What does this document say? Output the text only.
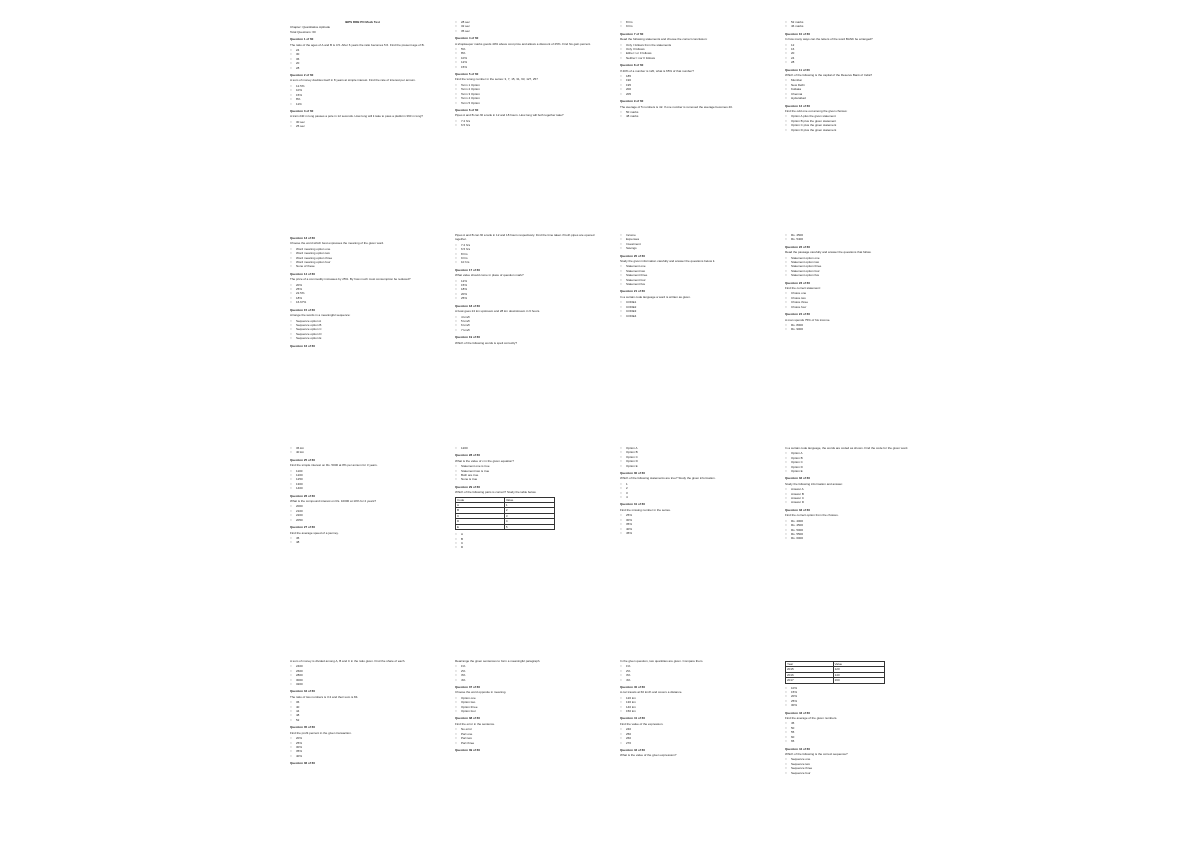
IBPS RRB PO Mock Test
Chapter: Quantitative Aptitude
Total Questions: 60
Question 1 of 60
The ratio of the ages of A and B is 4:5. After 6 years the ratio becomes 5:6. Find the present age of B.
○ 24
○ 30
○ 36
○ 20
○ 28
Question 2 of 60
A sum of money doubles itself in 8 years at simple interest. Find the rate of interest per annum.
○ 12.5%
○ 10%
○ 15%
○ 8%
○ 11%
Question 3 of 60
A train 240 m long passes a pole in 12 seconds. How long will it take to pass a platform 360 m long?
○ 30 sec
○ 25 sec
○ 28 sec
○ 32 sec
○ 35 sec
Question 4 of 60
A shopkeeper marks goods 40% above cost price and allows a discount of 25%. Find his gain percent.
○ 5%
○ 8%
○ 10%
○ 12%
○ 15%
Question 5 of 60
Find the wrong number in the series: 3, 7, 15, 31, 63, 127, 257
○ Term 1 Option
○ Term 2 Option
○ Term 3 Option
○ Term 4 Option
○ Term 5 Option
Question 6 of 60
Pipes A and B can fill a tank in 12 and 18 hours. How long will both together take?
○ 7.2 hrs
○ 6.5 hrs
○ 8 hrs
○ 9 hrs
Question 7 of 60
Read the following statements and choose the correct conclusion:
○ Only I follows from the statements
○ Only II follows
○ Either I or II follows
○ Neither I nor II follows
Question 8 of 60
If 40% of a number is 120, what is 65% of that number?
○ 185
○ 190
○ 195
○ 200
○ 205
Question 9 of 60
The average of 5 numbers is 42. If one number is removed the average becomes 40.
○ 50 marks
○ 48 marks
○ 52 marks
○ 46 marks
Question 10 of 60
In how many ways can the letters of the word BANK be arranged?
○ 12
○ 16
○ 20
○ 24
○ 28
Question 11 of 60
Which of the following is the capital of the Reserve Bank of India?
○ Mumbai
○ New Delhi
○ Kolkata
○ Chennai
○ Hyderabad
Question 12 of 60
Find the odd one out among the given choices:
○ Option A plus the given statement
○ Option B plus the given statement
○ Option C plus the given statement
○ Option D plus the given statement
Question 13 of 60
Choose the word which best expresses the meaning of the given word.
○ Word meaning option one
○ Word meaning option two
○ Word meaning option three
○ Word meaning option four
○ None of these
Question 14 of 60
The price of a commodity increases by 25%. By how much must consumption be reduced?
○ 20%
○ 25%
○ 22.5%
○ 18%
○ 16.67%
Question 15 of 60
Arrange the words in a meaningful sequence:
○ Sequence option A
○ Sequence option B
○ Sequence option C
○ Sequence option D
○ Sequence option E
Question 16 of 60
Pipes A and B can fill a tank in 12 and 18 hours respectively. Find the time taken if both pipes are opened together.
○ 7.2 hrs
○ 6.5 hrs
○ 8 hrs
○ 9 hrs
○ 10 hrs
Question 17 of 60
What value should come in place of question mark?
○ 12%
○ 15%
○ 18%
○ 20%
○ 25%
Question 18 of 60
A boat goes 24 km upstream and 28 km downstream in 6 hours.
○ 4 km/h
○ 5 km/h
○ 6 km/h
○ 7 km/h
Question 19 of 60
Which of the following words is spelt correctly?
○ Income
○ Expenses
○ Investment
○ Savings
Question 20 of 60
Study the given information carefully and answer the questions below it.
○ Statement one
○ Statement two
○ Statement three
○ Statement four
○ Statement five
Question 21 of 60
In a certain code language a word is written as given.
○ CODE1
○ CODE2
○ CODE3
○ CODE4
○ Rs. 4500
○ Rs. 5400
Question 22 of 60
Read the passage carefully and answer the questions that follow.
○ Statement option one
○ Statement option two
○ Statement option three
○ Statement option four
○ Statement option five
Question 23 of 60
Find the correct statement:
○ Choice one
○ Choice two
○ Choice three
○ Choice four
Question 24 of 60
A man spends 75% of his income.
○ Rs. 8000
○ Rs. 9000
○ 36 km
○ 40 km
Question 25 of 60
Find the simple interest on Rs. 5000 at 8% per annum for 3 years.
○ 1100
○ 1200
○ 1250
○ 1300
○ 1400
Question 26 of 60
What is the compound interest on Rs. 10000 at 10% for 2 years?
○ 2000
○ 2100
○ 2200
○ 2050
Question 27 of 60
Find the average speed of a journey.
○ 45
○ 48
○ 1200
Question 28 of 60
What is the value of x in the given equation?
○ Statement one is true
○ Statement two is true
○ Both are true
○ None is true
Question 29 of 60
Which of the following pairs is correct? Study the table below.
Code	Value
A	1
B	2
C	3
D	4
E	5
○ A
○ B
○ C
○ D
○ Option A
○ Option B
○ Option C
○ Option D
○ Option E
Question 30 of 60
Which of the following statements are true? Study the given information.
○ 1
○ 2
○ 3
○ 4
Question 31 of 60
Find the missing number in the series.
○ 25%
○ 30%
○ 35%
○ 40%
○ 45%
In a certain code language, the words are coded as shown. Find the code for the given word.
○ Option A
○ Option B
○ Option C
○ Option D
○ Option E
Question 32 of 60
Study the following information and answer.
○ Answer A
○ Answer B
○ Answer C
○ Answer D
Question 33 of 60
Find the correct option from the choices.
○ Rs. 4000
○ Rs. 4500
○ Rs. 5000
○ Rs. 5500
○ Rs. 6000
A sum of money is divided among A, B and C in the ratio given. Find the share of each.
○ 2400
○ 2600
○ 2800
○ 3000
○ 3200
Question 34 of 60
The ratio of two numbers is 3:4 and their sum is 84.
○ 36
○ 40
○ 44
○ 48
○ 52
Question 35 of 60
Find the profit percent in the given transaction.
○ 20%
○ 25%
○ 30%
○ 35%
○ 40%
Question 36 of 60
Rearrange the given sentences to form a meaningful paragraph.
○ 1%
○ 2%
○ 3%
○ 4%
Question 37 of 60
Choose the word opposite in meaning.
○ Option one
○ Option two
○ Option three
○ Option four
Question 38 of 60
Find the error in the sentence.
○ No error
○ Part one
○ Part two
○ Part three
Question 39 of 60
In the given question, two quantities are given. Compare them.
○ 1%
○ 2%
○ 3%
○ 4%
Question 40 of 60
A car travels at 60 km/h and covers a distance.
○ 120 km
○ 130 km
○ 140 km
○ 150 km
Question 41 of 60
Find the value of the expression.
○ 240
○ 250
○ 260
○ 270
Question 42 of 60
What is the value of the given expression?
Year	Value
2015	120
2016	140
2017	160
○ 10%
○ 15%
○ 20%
○ 25%
○ 30%
Question 43 of 60
Find the average of the given numbers.
○ 45
○ 50
○ 55
○ 60
○ 65
Question 44 of 60
Which of the following is the correct sequence?
○ Sequence one
○ Sequence two
○ Sequence three
○ Sequence four
